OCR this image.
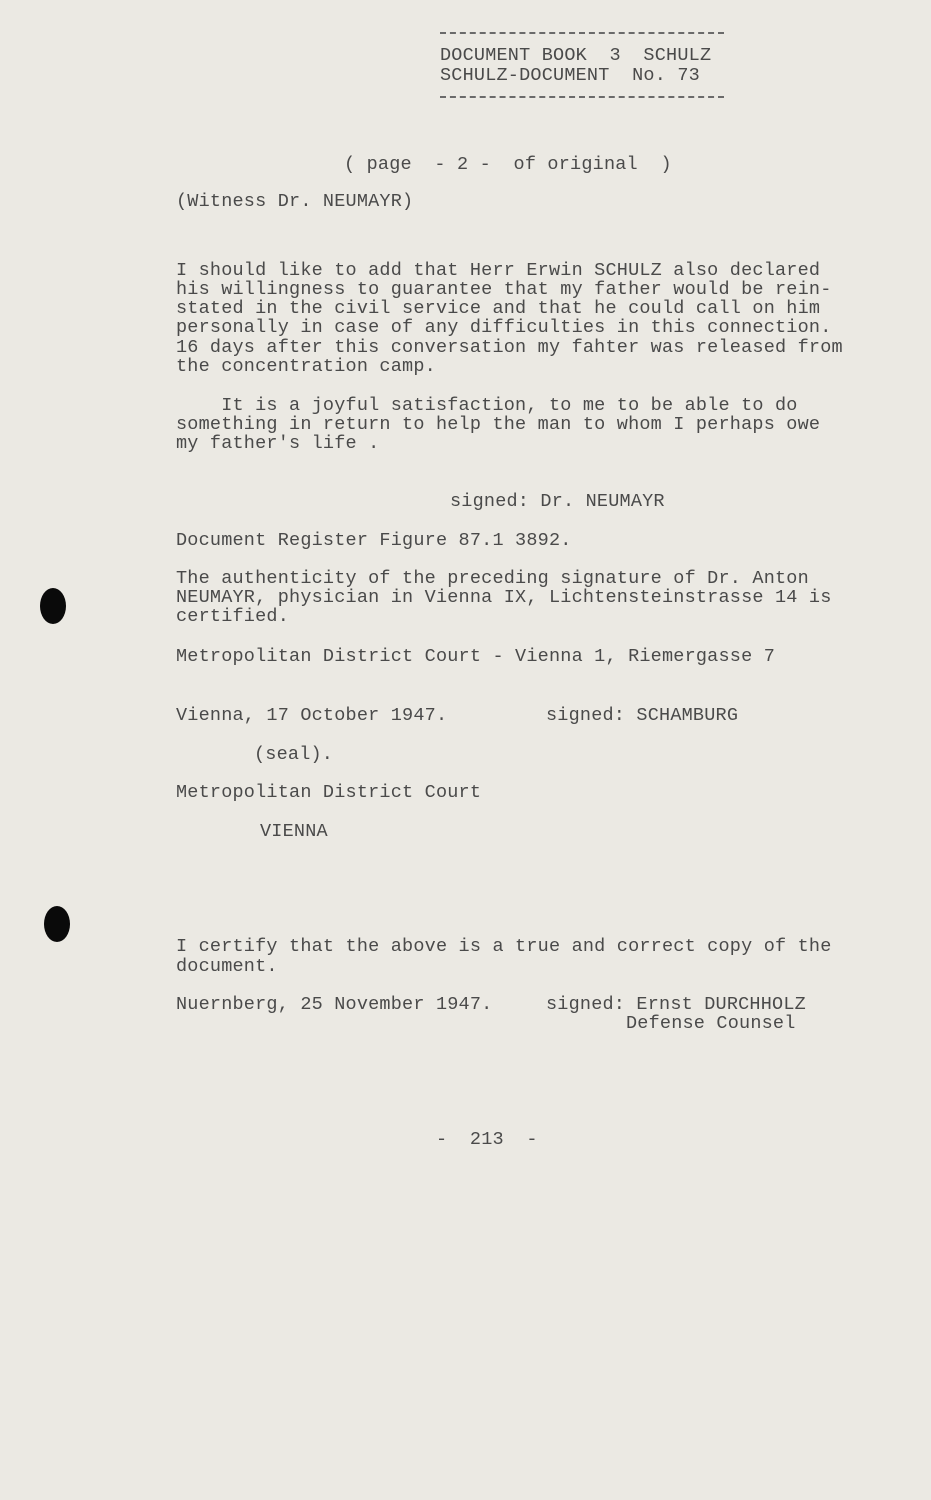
DOCUMENT BOOK  3  SCHULZ
SCHULZ-DOCUMENT  No. 73
( page  - 2 -  of original  )
(Witness Dr. NEUMAYR)
I should like to add that Herr Erwin SCHULZ also declared
his willingness to guarantee that my father would be rein-
stated in the civil service and that he could call on him
personally in case of any difficulties in this connection.
16 days after this conversation my fahter was released from
the concentration camp.
It is a joyful satisfaction, to me to be able to do
something in return to help the man to whom I perhaps owe
my father's life .
signed: Dr. NEUMAYR
Document Register Figure 87.1 3892.
The authenticity of the preceding signature of Dr. Anton
NEUMAYR, physician in Vienna IX, Lichtensteinstrasse 14 is
certified.
Metropolitan District Court - Vienna 1, Riemergasse 7
Vienna, 17 October 1947.	signed: SCHAMBURG
(seal).
Metropolitan District Court
VIENNA
I certify that the above is a true and correct copy of the
document.
Nuernberg, 25 November 1947.	signed: Ernst DURCHHOLZ
Defense Counsel
-  213  -
